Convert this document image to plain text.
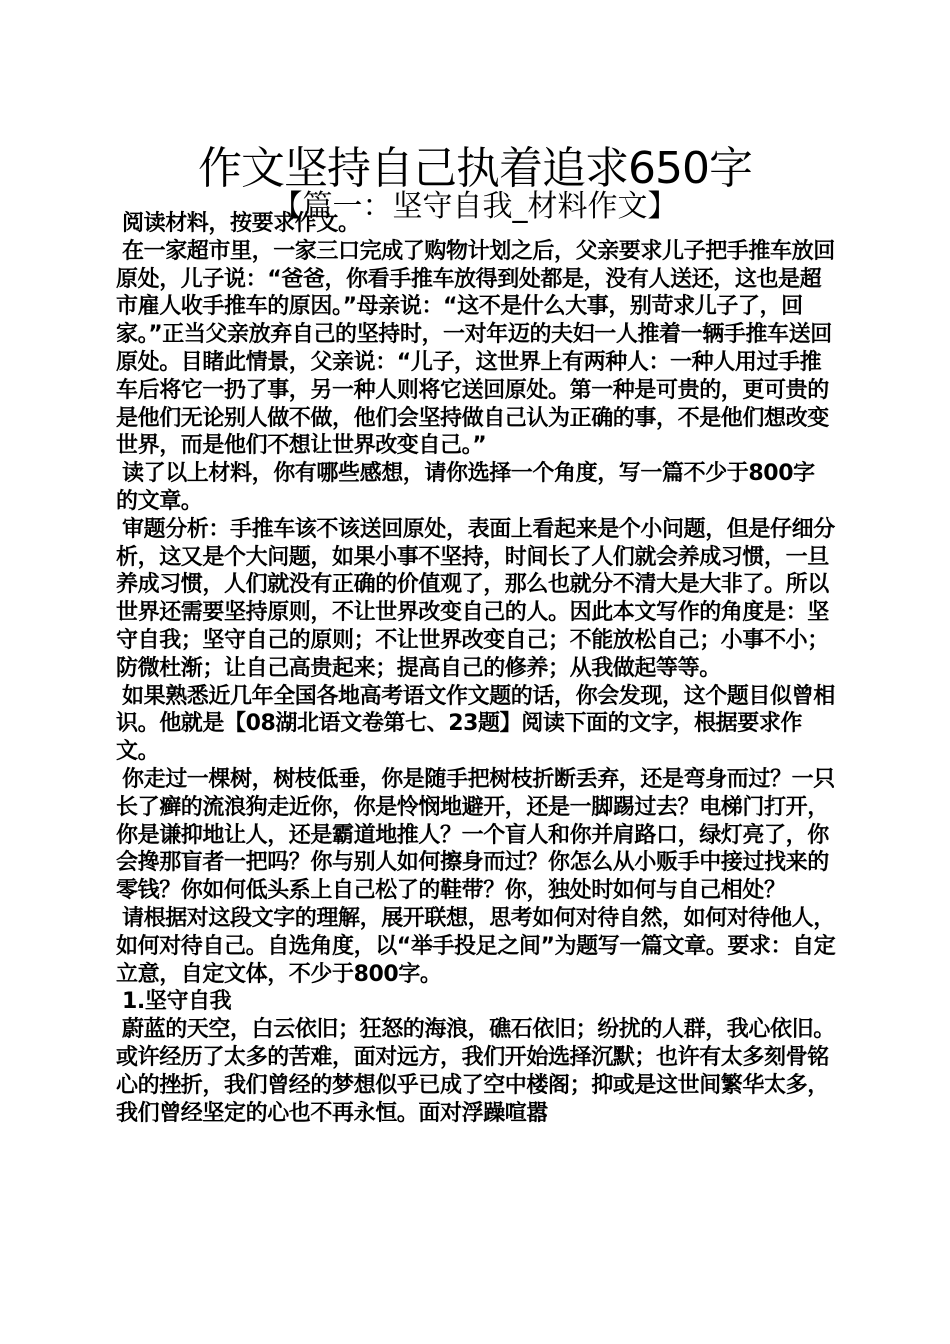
作文坚持自己执着追求650字
【篇一：坚守自我_材料作文】

阅读材料，按要求作文。

在一家超市里，一家三口完成了购物计划之后，父亲要求儿子把手推车放回原处，儿子说：“爸爸，你看手推车放得到处都是，没有人送还，这也是超市雇人收手推车的原因。”母亲说：“这不是什么大事，别苛求儿子了，回家。”正当父亲放弃自己的坚持时，一对年迈的夫妇一人推着一辆手推车送回原处。目睹此情景，父亲说：“儿子，这世界上有两种人：一种人用过手推车后将它一扔了事，另一种人则将它送回原处。第一种是可贵的，更可贵的是他们无论别人做不做，他们会坚持做自己认为正确的事，不是他们想改变世界，而是他们不想让世界改变自己。”

读了以上材料，你有哪些感想，请你选择一个角度，写一篇不少于800字的文章。

审题分析：手推车该不该送回原处，表面上看起来是个小问题，但是仔细分析，这又是个大问题，如果小事不坚持，时间长了人们就会养成习惯，一旦养成习惯，人们就没有正确的价值观了，那么也就分不清大是大非了。所以世界还需要坚持原则，不让世界改变自己的人。因此本文写作的角度是：坚守自我；坚守自己的原则；不让世界改变自己；不能放松自己；小事不小；防微杜渐；让自己高贵起来；提高自己的修养；从我做起等等。

如果熟悉近几年全国各地高考语文作文题的话，你会发现，这个题目似曾相识。他就是【08湖北语文卷第七、23题】阅读下面的文字，根据要求作文。

你走过一棵树，树枝低垂，你是随手把树枝折断丢弃，还是弯身而过？一只长了癣的流浪狗走近你，你是怜悯地避开，还是一脚踢过去？电梯门打开，你是谦抑地让人，还是霸道地推人？一个盲人和你并肩路口，绿灯亮了，你会搀那盲者一把吗？你与别人如何擦身而过？你怎么从小贩手中接过找来的零钱？你如何低头系上自己松了的鞋带？你，独处时如何与自己相处？

请根据对这段文字的理解，展开联想，思考如何对待自然，如何对待他人，如何对待自己。自选角度，以“举手投足之间”为题写一篇文章。要求：自定立意，自定文体，不少于800字。

1.坚守自我

蔚蓝的天空，白云依旧；狂怒的海浪，礁石依旧；纷扰的人群，我心依旧。或许经历了太多的苦难，面对远方，我们开始选择沉默；也许有太多刻骨铭心的挫折，我们曾经的梦想似乎已成了空中楼阁；抑或是这世间繁华太多，我们曾经坚定的心也不再永恒。面对浮躁喧嚣
